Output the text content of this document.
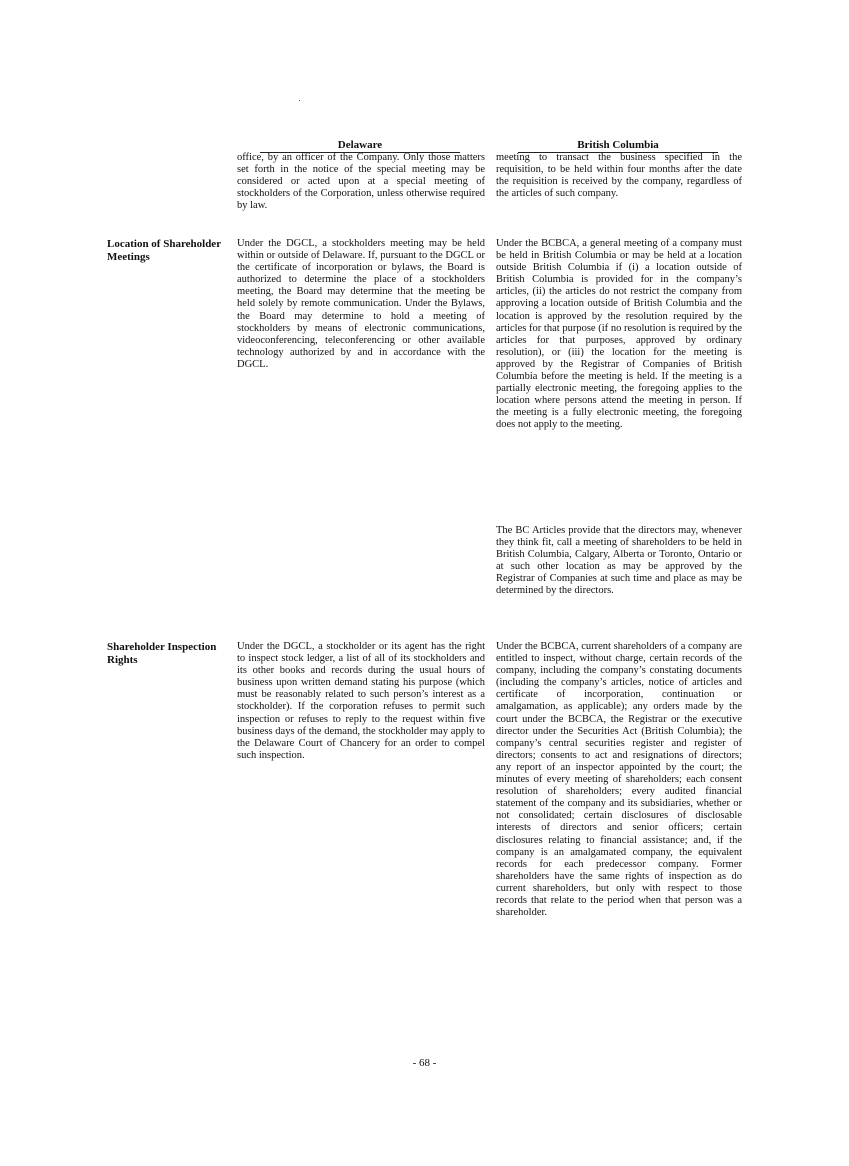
Delaware	British Columbia

office, by an officer of the Company. Only those matters set forth in the notice of the special meeting may be considered or acted upon at a special meeting of stockholders of the Corporation, unless otherwise required by law.

meeting to transact the business specified in the requisition, to be held within four months after the date the requisition is received by the company, regardless of the articles of such company.

Location of Shareholder Meetings

Under the DGCL, a stockholders meeting may be held within or outside of Delaware. If, pursuant to the DGCL or the certificate of incorporation or bylaws, the Board is authorized to determine the place of a stockholders meeting, the Board may determine that the meeting be held solely by remote communication. Under the Bylaws, the Board may determine to hold a meeting of stockholders by means of electronic communications, videoconferencing, teleconferencing or other available technology authorized by and in accordance with the DGCL.

Under the BCBCA, a general meeting of a company must be held in British Columbia or may be held at a location outside British Columbia if (i) a location outside of British Columbia is provided for in the company’s articles, (ii) the articles do not restrict the company from approving a location outside of British Columbia and the location is approved by the resolution required by the articles for that purpose (if no resolution is required by the articles for that purposes, approved by ordinary resolution), or (iii) the location for the meeting is approved by the Registrar of Companies of British Columbia before the meeting is held. If the meeting is a partially electronic meeting, the foregoing applies to the location where persons attend the meeting in person. If the meeting is a fully electronic meeting, the foregoing does not apply to the meeting.

The BC Articles provide that the directors may, whenever they think fit, call a meeting of shareholders to be held in British Columbia, Calgary, Alberta or Toronto, Ontario or at such other location as may be approved by the Registrar of Companies at such time and place as may be determined by the directors.

Shareholder Inspection Rights

Under the DGCL, a stockholder or its agent has the right to inspect stock ledger, a list of all of its stockholders and its other books and records during the usual hours of business upon written demand stating his purpose (which must be reasonably related to such person’s interest as a stockholder). If the corporation refuses to permit such inspection or refuses to reply to the request within five business days of the demand, the stockholder may apply to the Delaware Court of Chancery for an order to compel such inspection.

Under the BCBCA, current shareholders of a company are entitled to inspect, without charge, certain records of the company, including the company’s constating documents (including the company’s articles, notice of articles and certificate of incorporation, continuation or amalgamation, as applicable); any orders made by the court under the BCBCA, the Registrar or the executive director under the Securities Act (British Columbia); the company’s central securities register and register of directors; consents to act and resignations of directors; any report of an inspector appointed by the court; the minutes of every meeting of shareholders; each consent resolution of shareholders; every audited financial statement of the company and its subsidiaries, whether or not consolidated; certain disclosures of disclosable interests of directors and senior officers; certain disclosures relating to financial assistance; and, if the company is an amalgamated company, the equivalent records for each predecessor company. Former shareholders have the same rights of inspection as do current shareholders, but only with respect to those records that relate to the period when that person was a shareholder.

- 68 -
